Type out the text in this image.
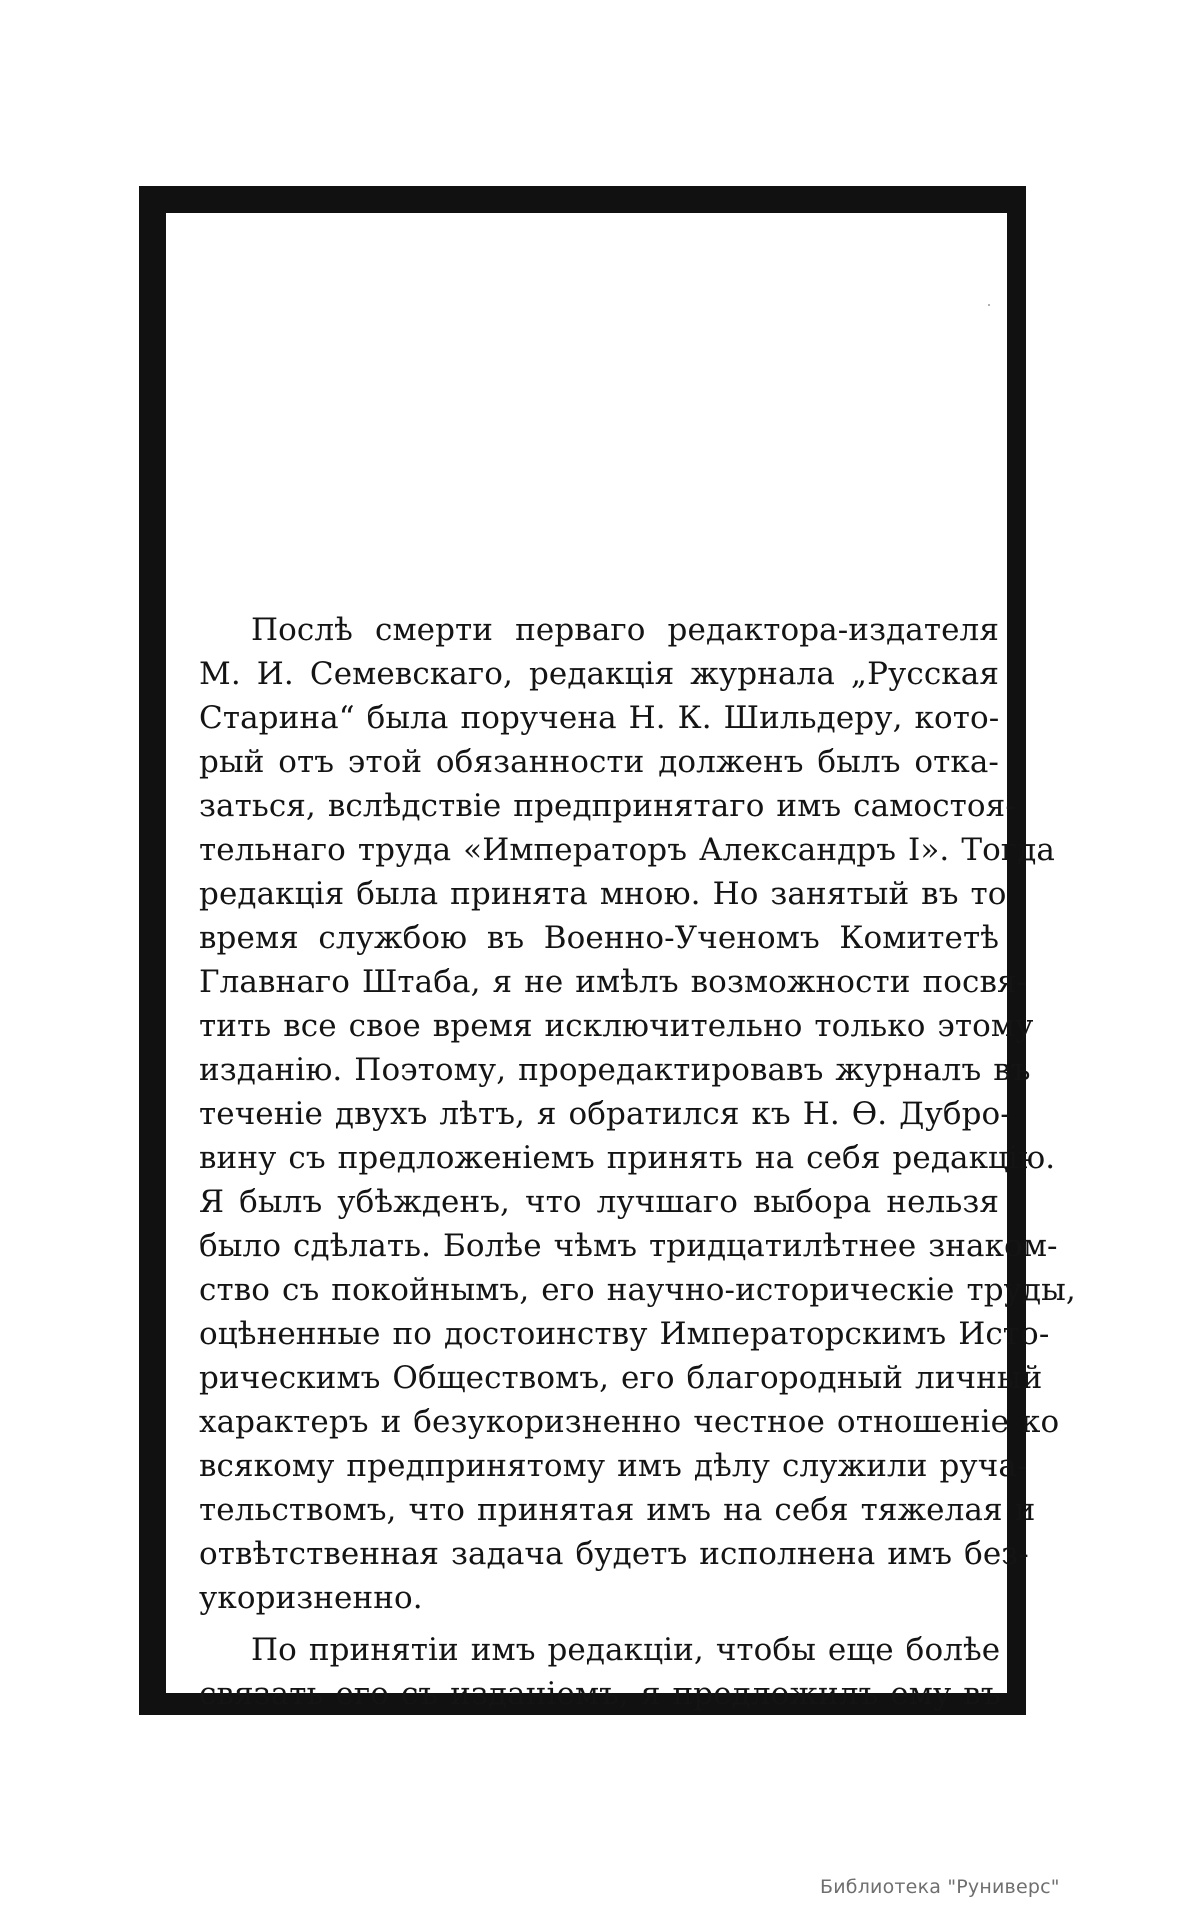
Послѣ смерти перваго редактора-издателя
М. И. Семевскаго, редакція журнала „Русская
Старина“ была поручена Н. К. Шильдеру, кото-
рый отъ этой обязанности долженъ былъ отка-
заться, вслѣдствіе предпринятаго имъ самостоя-
тельнаго труда «Императоръ Александръ I». Тогда
редакція была принята мною. Но занятый въ то
время службою въ Военно-Ученомъ Комитетѣ
Главнаго Штаба, я не имѣлъ возможности посвя-
тить все свое время исключительно только этому
изданію. Поэтому, проредактировавъ журналъ въ
теченіе двухъ лѣтъ, я обратился къ Н. Ѳ. Дубро-
вину съ предложеніемъ принять на себя редакцію.
Я былъ убѣжденъ, что лучшаго выбора нельзя
было сдѣлать. Болѣе чѣмъ тридцатилѣтнее знаком-
ство съ покойнымъ, его научно-историческіе труды,
оцѣненные по достоинству Императорскимъ Исто-
рическимъ Обществомъ, его благородный личный
характеръ и безукоризненно честное отношеніе ко
всякому предпринятому имъ дѣлу служили руча-
тельствомъ, что принятая имъ на себя тяжелая и
отвѣтственная задача будетъ исполнена имъ без-
укоризненно.
По принятіи имъ редакціи, чтобы еще болѣе
связать его съ изданіемъ, я предложилъ ему въ
Библиотека "Руниверс"
